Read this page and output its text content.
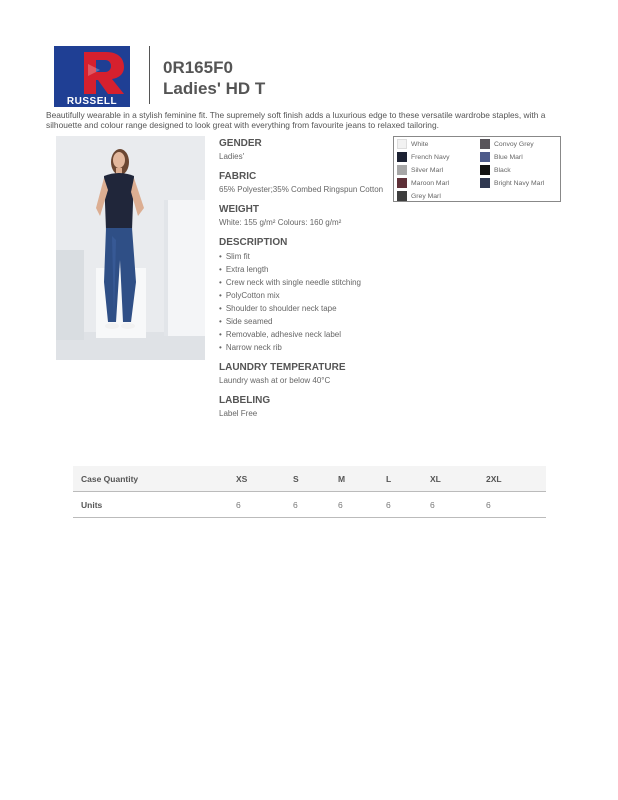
RUSSELL
0R165F0
Ladies' HD T

Beautifully wearable in a stylish feminine fit. The supremely soft finish adds a luxurious edge to these versatile wardrobe staples, with a silhouette and colour range designed to look great with everything from favourite jeans to relaxed tailoring.

GENDER
Ladies'
FABRIC
65% Polyester;35% Combed Ringspun Cotton
WEIGHT
White: 155 g/m² Colours: 160 g/m²
DESCRIPTION
• Slim fit
• Extra length
• Crew neck with single needle stitching
• PolyCotton mix
• Shoulder to shoulder neck tape
• Side seamed
• Removable, adhesive neck label
• Narrow neck rib
LAUNDRY TEMPERATURE
Laundry wash at or below 40°C
LABELING
Label Free
White	Convoy Grey
French Navy	Blue Marl
Silver Marl	Black
Maroon Marl	Bright Navy Marl
Grey Marl
Case Quantity	XS	S	M	L	XL	2XL
Units	6	6	6	6	6	6
